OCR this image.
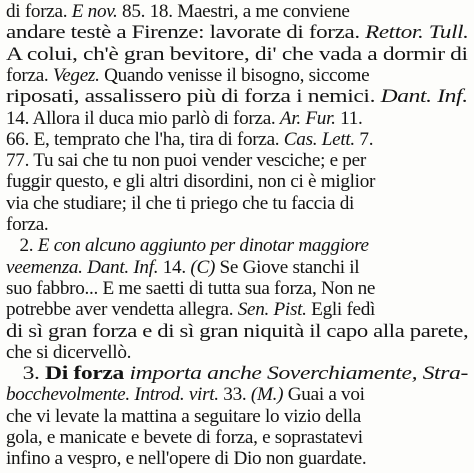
di forza. E nov. 85. 18. Maestri, a me conviene
andare testè a Firenze: lavorate di forza. Rettor. Tull.
A colui, ch'è gran bevitore, di' che vada a dormir di
forza. Vegez. Quando venisse il bisogno, siccome
riposati, assalissero più di forza i nemici. Dant. Inf.
14. Allora il duca mio parlò di forza. Ar. Fur. 11.
66. E, temprato che l'ha, tira di forza. Cas. Lett. 7.
77. Tu sai che tu non puoi vender vesciche; e per
fuggir questo, e gli altri disordini, non ci è miglior
via che studiare; il che ti priego che tu faccia di
forza.
2. E con alcuno aggiunto per dinotar maggiore
veemenza. Dant. Inf. 14. (C) Se Giove stanchi il
suo fabbro... E me saetti di tutta sua forza, Non ne
potrebbe aver vendetta allegra. Sen. Pist. Egli fedì
di sì gran forza e di sì gran niquità il capo alla parete,
che si dicervellò.
3. Di forza importa anche Soverchiamente, Stra-
bocchevolmente. Introd. virt. 33. (M.) Guai a voi
che vi levate la mattina a seguitare lo vizio della
gola, e manicate e bevete di forza, e soprastatevi
infino a vespro, e nell'opere di Dio non guardate.
